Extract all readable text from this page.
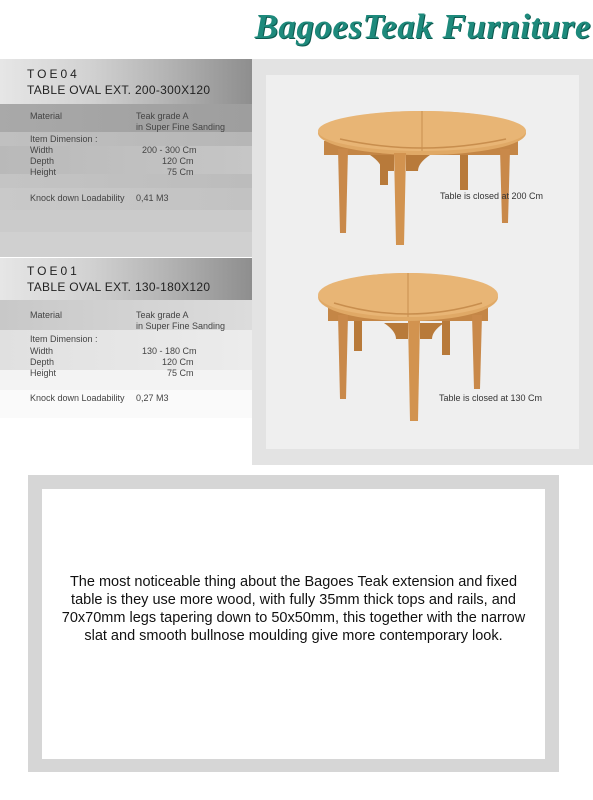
BagoesTeak Furniture
TOE04
TABLE OVAL EXT. 200-300X120
Material	Teak grade A
in Super Fine Sanding
Item Dimension :
Width	200 - 300 Cm
Depth	120 Cm
Height	75 Cm
Knock down Loadability 0,41 M3
TOE01
TABLE OVAL EXT. 130-180X120
Material	Teak grade A
in Super Fine Sanding
Item Dimension :
Width	130 - 180 Cm
Depth	120 Cm
Height	75 Cm
Knock down Loadability 0,27 M3
Table is closed at 200 Cm
Table is closed at 130 Cm
The most noticeable thing about the Bagoes Teak extension and fixed table is they use more wood, with fully 35mm thick tops and rails, and 70x70mm legs tapering down to 50x50mm, this together with the narrow slat and smooth bullnose moulding give more contemporary look.
